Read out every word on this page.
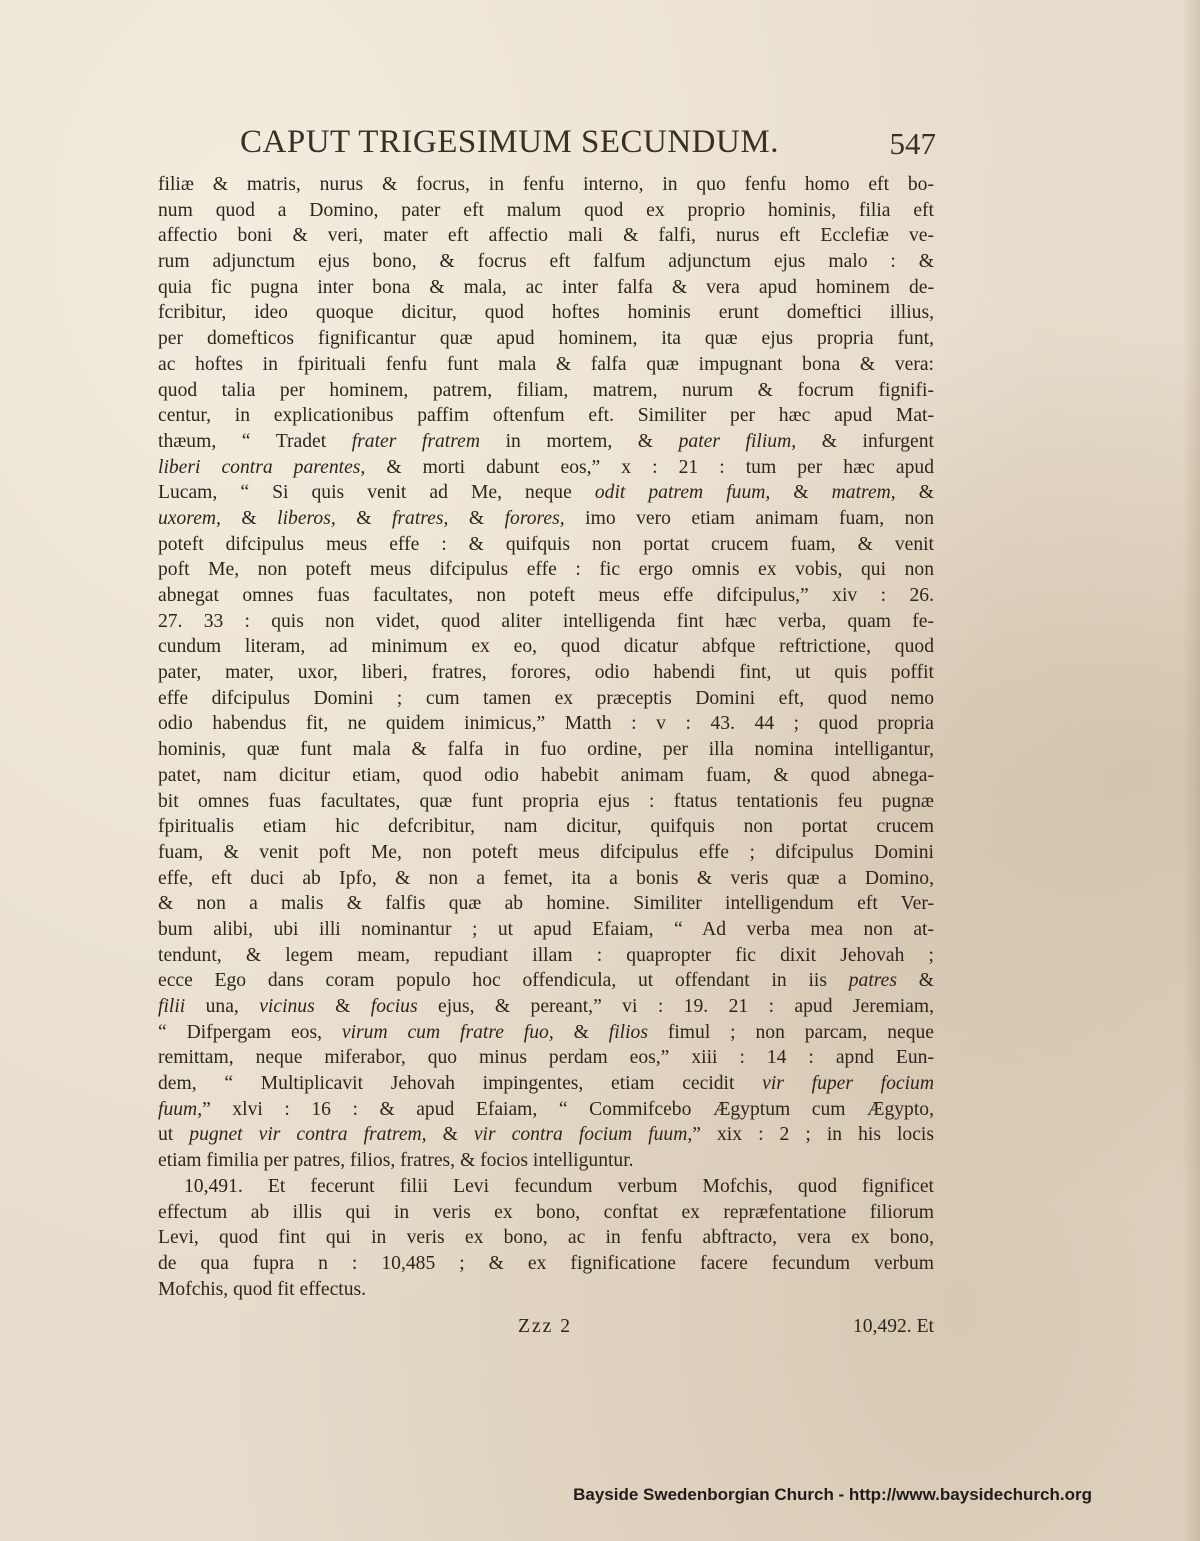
CAPUT TRIGESIMUM SECUNDUM.	547
filiæ & matris, nurus & focrus, in fenfu interno, in quo fenfu homo eft bo-
num quod a Domino, pater eft malum quod ex proprio hominis, filia eft
affectio boni & veri, mater eft affectio mali & falfi, nurus eft Ecclefiæ ve-
rum adjunctum ejus bono, & focrus eft falfum adjunctum ejus malo : &
quia fic pugna inter bona & mala, ac inter falfa & vera apud hominem de-
fcribitur, ideo quoque dicitur, quod hoftes hominis erunt domeftici illius,
per domefticos fignificantur quæ apud hominem, ita quæ ejus propria funt,
ac hoftes in fpirituali fenfu funt mala & falfa quæ impugnant bona & vera:
quod talia per hominem, patrem, filiam, matrem, nurum & focrum fignifi-
centur, in explicationibus paffim oftenfum eft. Similiter per hæc apud Mat-
thæum, “ Tradet frater fratrem in mortem, & pater filium, & infurgent
liberi contra parentes, & morti dabunt eos,” x : 21 : tum per hæc apud
Lucam, “ Si quis venit ad Me, neque odit patrem fuum, & matrem, &
uxorem, & liberos, & fratres, & forores, imo vero etiam animam fuam, non
poteft difcipulus meus effe : & quifquis non portat crucem fuam, & venit
poft Me, non poteft meus difcipulus effe : fic ergo omnis ex vobis, qui non
abnegat omnes fuas facultates, non poteft meus effe difcipulus,” xiv : 26.
27. 33 : quis non videt, quod aliter intelligenda fint hæc verba, quam fe-
cundum literam, ad minimum ex eo, quod dicatur abfque reftrictione, quod
pater, mater, uxor, liberi, fratres, forores, odio habendi fint, ut quis poffit
effe difcipulus Domini ; cum tamen ex præceptis Domini eft, quod nemo
odio habendus fit, ne quidem inimicus,” Matth : v : 43. 44 ; quod propria
hominis, quæ funt mala & falfa in fuo ordine, per illa nomina intelligantur,
patet, nam dicitur etiam, quod odio habebit animam fuam, & quod abnega-
bit omnes fuas facultates, quæ funt propria ejus : ftatus tentationis feu pugnæ
fpiritualis etiam hic defcribitur, nam dicitur, quifquis non portat crucem
fuam, & venit poft Me, non poteft meus difcipulus effe ; difcipulus Domini
effe, eft duci ab Ipfo, & non a femet, ita a bonis & veris quæ a Domino,
& non a malis & falfis quæ ab homine. Similiter intelligendum eft Ver-
bum alibi, ubi illi nominantur ; ut apud Efaiam, “ Ad verba mea non at-
tendunt, & legem meam, repudiant illam : quapropter fic dixit Jehovah ;
ecce Ego dans coram populo hoc offendicula, ut offendant in iis patres &
filii una, vicinus & focius ejus, & pereant,” vi : 19. 21 : apud Jeremiam,
“ Difpergam eos, virum cum fratre fuo, & filios fimul ; non parcam, neque
remittam, neque miferabor, quo minus perdam eos,” xiii : 14 : apnd Eun-
dem, “ Multiplicavit Jehovah impingentes, etiam cecidit vir fuper focium
fuum,” xlvi : 16 : & apud Efaiam, “ Commifcebo Ægyptum cum Ægypto,
ut pugnet vir contra fratrem, & vir contra focium fuum,” xix : 2 ; in his locis
etiam fimilia per patres, filios, fratres, & focios intelliguntur.
10,491. Et fecerunt filii Levi fecundum verbum Mofchis, quod fignificet
effectum ab illis qui in veris ex bono, conftat ex repræfentatione filiorum
Levi, quod fint qui in veris ex bono, ac in fenfu abftracto, vera ex bono,
de qua fupra n : 10,485 ; & ex fignificatione facere fecundum verbum
Mofchis, quod fit effectus.
Zzz 2	10,492. Et
Bayside Swedenborgian Church - http://www.baysidechurch.org
